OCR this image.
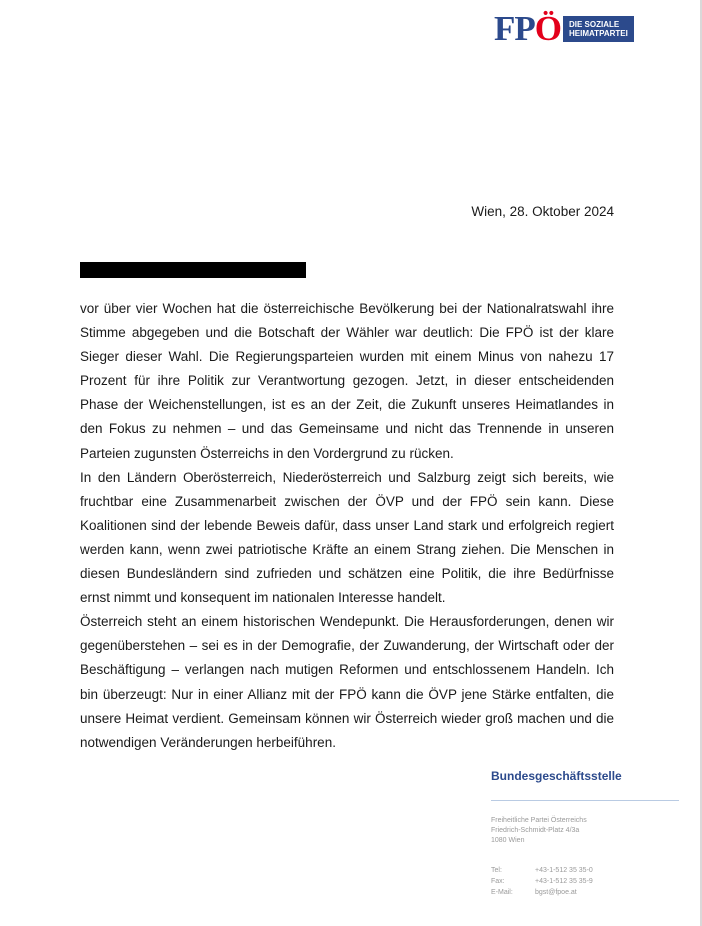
FPÖ DIE SOZIALE
HEIMATPARTEI
Wien, 28. Oktober 2024

vor über vier Wochen hat die österreichische Bevölkerung bei der Nationalratswahl ihre Stimme abgegeben und die Botschaft der Wähler war deutlich: Die FPÖ ist der klare Sieger dieser Wahl. Die Regierungsparteien wurden mit einem Minus von nahezu 17 Prozent für ihre Politik zur Verantwortung gezogen. Jetzt, in dieser entscheidenden Phase der Weichenstellungen, ist es an der Zeit, die Zukunft unseres Heimatlandes in den Fokus zu nehmen – und das Gemeinsame und nicht das Trennende in unseren Parteien zugunsten Österreichs in den Vordergrund zu rücken.

In den Ländern Oberösterreich, Niederösterreich und Salzburg zeigt sich bereits, wie fruchtbar eine Zusammenarbeit zwischen der ÖVP und der FPÖ sein kann. Diese Koalitionen sind der lebende Beweis dafür, dass unser Land stark und erfolgreich regiert werden kann, wenn zwei patriotische Kräfte an einem Strang ziehen. Die Menschen in diesen Bundesländern sind zufrieden und schätzen eine Politik, die ihre Bedürfnisse ernst nimmt und konsequent im nationalen Interesse handelt.

Österreich steht an einem historischen Wendepunkt. Die Herausforderungen, denen wir gegenüberstehen – sei es in der Demografie, der Zuwanderung, der Wirtschaft oder der Beschäftigung – verlangen nach mutigen Reformen und entschlossenem Handeln. Ich bin überzeugt: Nur in einer Allianz mit der FPÖ kann die ÖVP jene Stärke entfalten, die unsere Heimat verdient. Gemeinsam können wir Österreich wieder groß machen und die notwendigen Veränderungen herbeiführen.

Bundesgeschäftsstelle
Freiheitliche Partei Österreichs
Friedrich-Schmidt-Platz 4/3a
1080 Wien
Tel:	+43-1-512 35 35-0
Fax:	+43-1-512 35 35-9
E-Mail:	bgst@fpoe.at
